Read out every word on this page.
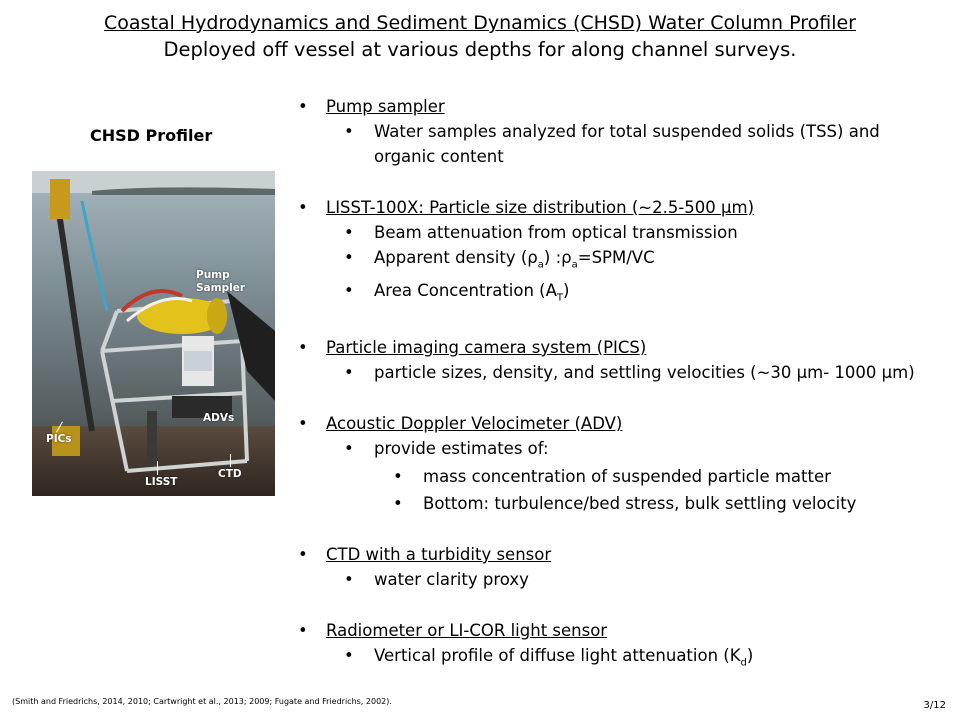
Coastal Hydrodynamics and Sediment Dynamics (CHSD) Water Column Profiler
Deployed off vessel at various depths for along channel surveys.
CHSD Profiler
Pump
Sampler
ADVs
PICs
LISST
CTD
• Pump sampler
• Water samples analyzed for total suspended solids (TSS) and
organic content
• LISST-100X: Particle size distribution (~2.5-500 µm)
• Beam attenuation from optical transmission
• Apparent density $(\rho_a)$ $:\rho_a=SPM/VC$
• Area Concentration $(A_T)$
• Particle imaging camera system (PICS)
• particle sizes, density, and settling velocities (~30 µm- 1000 µm)
• Acoustic Doppler Velocimeter (ADV)
• provide estimates of:
• mass concentration of suspended particle matter
• Bottom: turbulence/bed stress, bulk settling velocity
• CTD with a turbidity sensor
• water clarity proxy
• Radiometer or LI-COR light sensor
• Vertical profile of diffuse light attenuation $(K_d)$
(Smith and Friedrichs, 2014, 2010; Cartwright et al., 2013; 2009; Fugate and Friedrichs, 2002).	3/12
